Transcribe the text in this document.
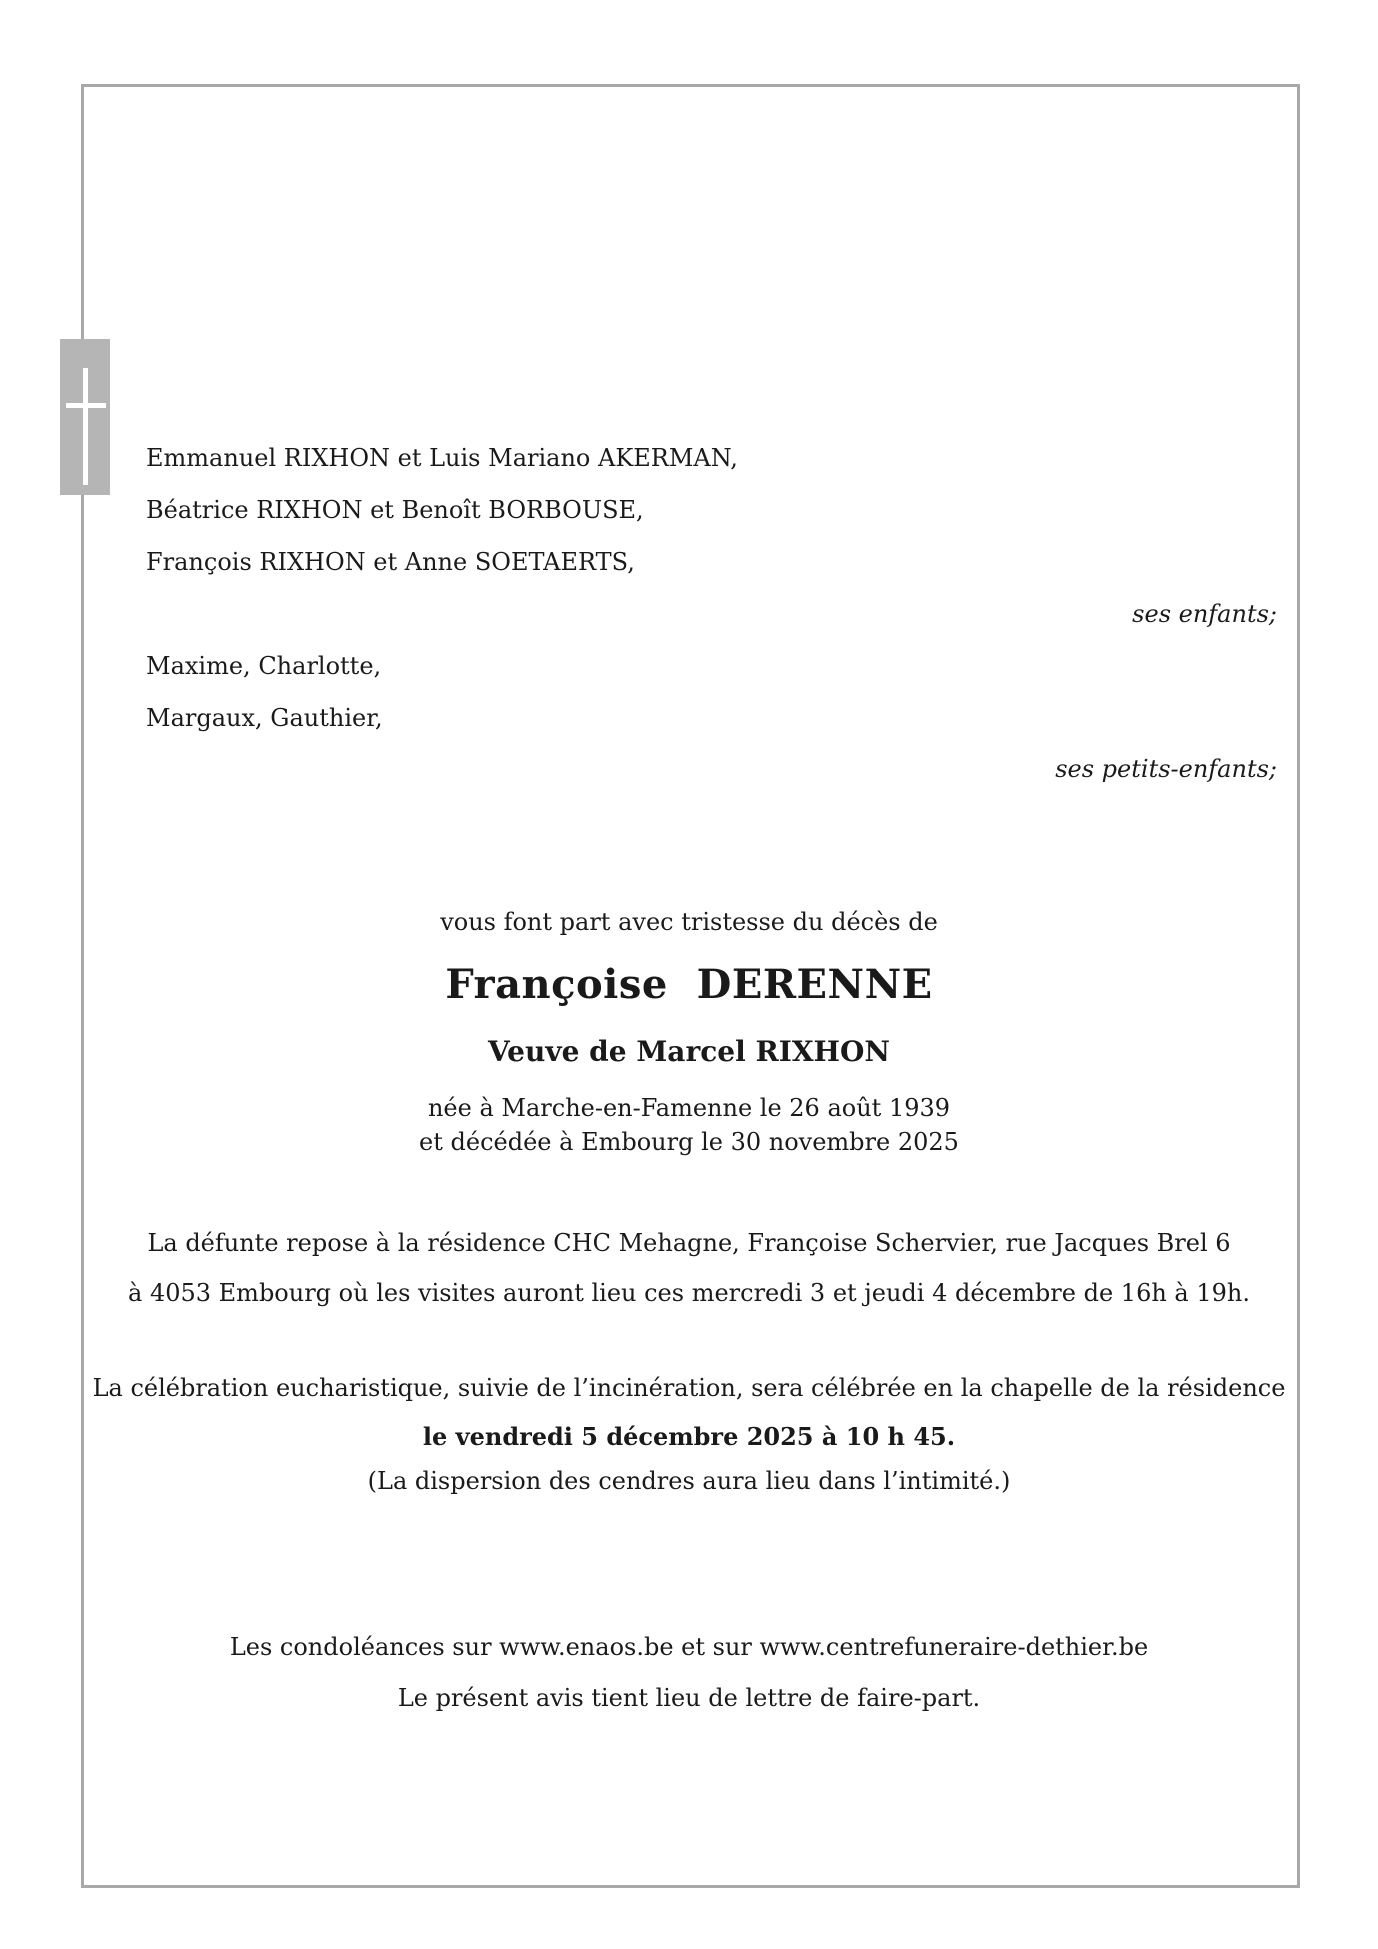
Emmanuel RIXHON et Luis Mariano AKERMAN,
Béatrice RIXHON et Benoît BORBOUSE,
François RIXHON et Anne SOETAERTS,
ses enfants;
Maxime, Charlotte,
Margaux, Gauthier,
ses petits-enfants;
vous font part avec tristesse du décès de
Françoise DERENNE
Veuve de Marcel RIXHON
née à Marche-en-Famenne le 26 août 1939
et décédée à Embourg le 30 novembre 2025
La défunte repose à la résidence CHC Mehagne, Françoise Schervier, rue Jacques Brel 6
à 4053 Embourg où les visites auront lieu ces mercredi 3 et jeudi 4 décembre de 16h à 19h.
La célébration eucharistique, suivie de l’incinération, sera célébrée en la chapelle de la résidence
le vendredi 5 décembre 2025 à 10 h 45.
(La dispersion des cendres aura lieu dans l’intimité.)
Les condoléances sur www.enaos.be et sur www.centrefuneraire-dethier.be
Le présent avis tient lieu de lettre de faire-part.
